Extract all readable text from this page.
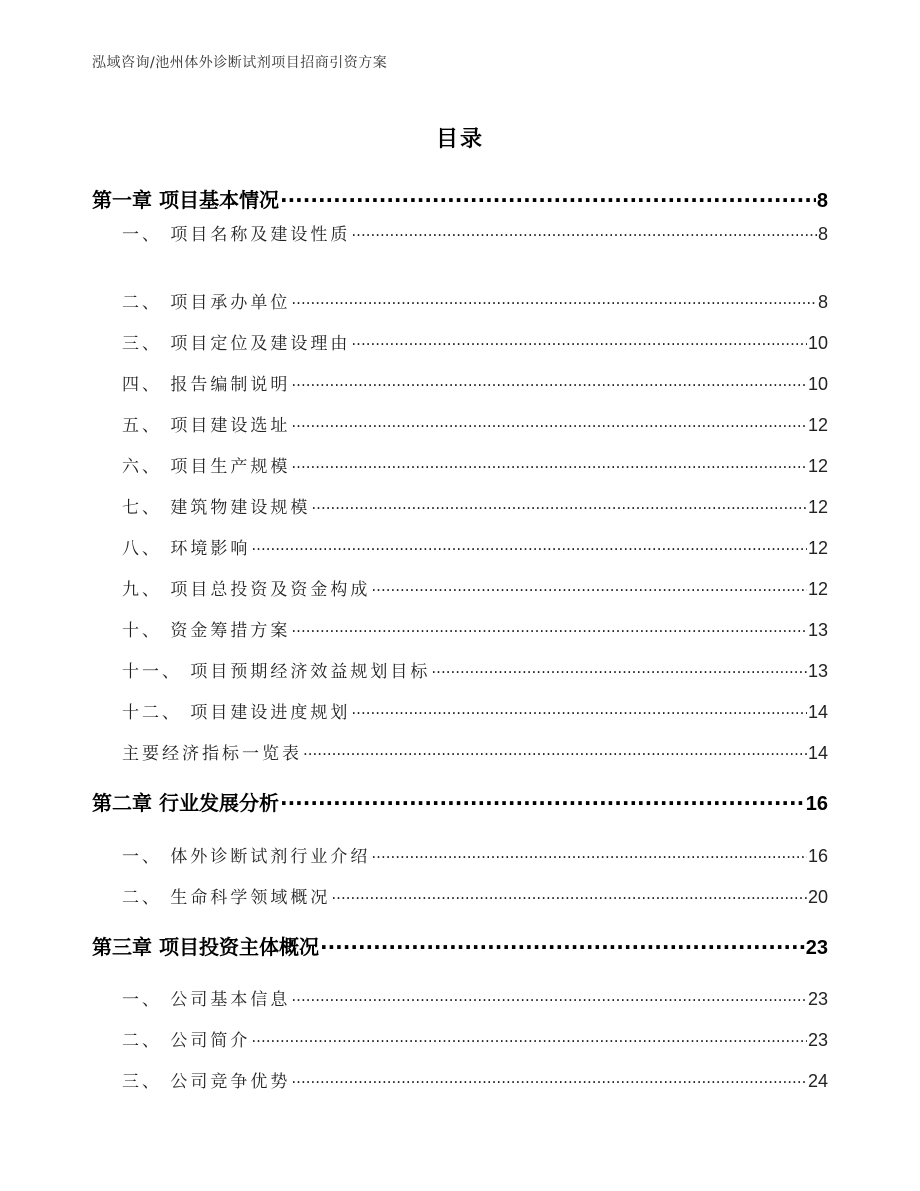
泓域咨询/池州体外诊断试剂项目招商引资方案
目录
第一章 项目基本情况 .....	8
一、 项目名称及建设性质 .....	8
二、 项目承办单位 .....	8
三、 项目定位及建设理由 .....	10
四、 报告编制说明 .....	10
五、 项目建设选址 .....	12
六、 项目生产规模 .....	12
七、 建筑物建设规模 .....	12
八、 环境影响 .....	12
九、 项目总投资及资金构成 .....	12
十、 资金筹措方案 .....	13
十一、 项目预期经济效益规划目标 .....	13
十二、 项目建设进度规划 .....	14
主要经济指标一览表 .....	14
第二章 行业发展分析 .....	16
一、 体外诊断试剂行业介绍 .....	16
二、 生命科学领域概况 .....	20
第三章 项目投资主体概况 .....	23
一、 公司基本信息 .....	23
二、 公司简介 .....	23
三、 公司竞争优势 .....	24
